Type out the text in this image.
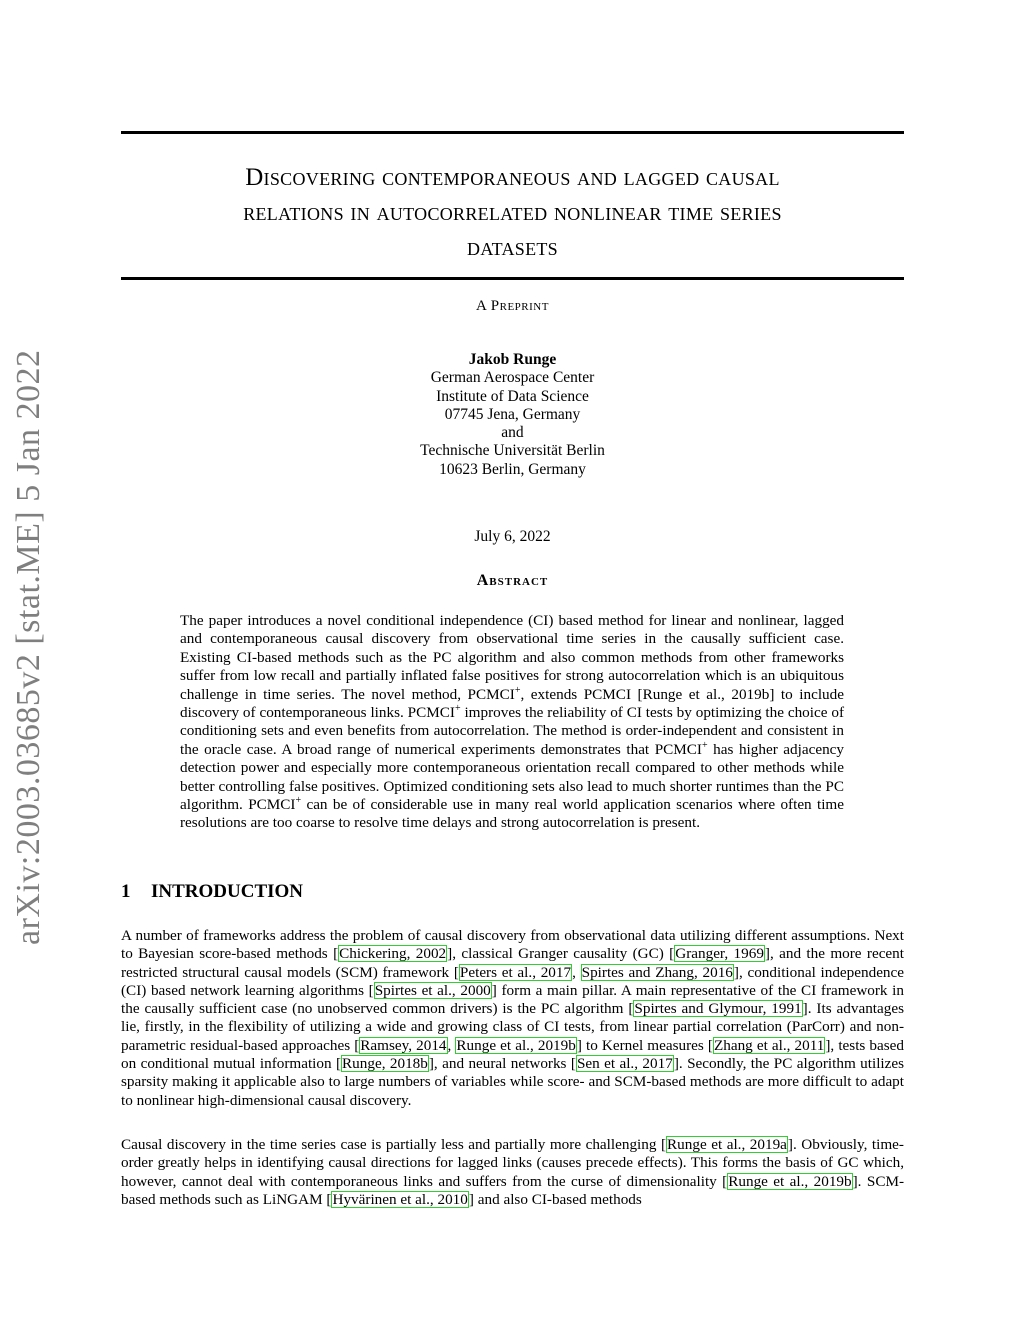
arXiv:2003.03685v2 [stat.ME] 5 Jan 2022
Discovering contemporaneous and lagged causal
relations in autocorrelated nonlinear time series
datasets
A Preprint
Jakob Runge
German Aerospace Center
Institute of Data Science
07745 Jena, Germany
and
Technische Universität Berlin
10623 Berlin, Germany
July 6, 2022
Abstract
The paper introduces a novel conditional independence (CI) based method for linear and nonlinear, lagged and contemporaneous causal discovery from observational time series in the causally sufficient case. Existing CI-based methods such as the PC algorithm and also common methods from other frameworks suffer from low recall and partially inflated false positives for strong autocorrelation which is an ubiquitous challenge in time series. The novel method, PCMCI+, extends PCMCI [Runge et al., 2019b] to include discovery of contemporaneous links. PCMCI+ improves the reliability of CI tests by optimizing the choice of conditioning sets and even benefits from autocorrelation. The method is order-independent and consistent in the oracle case. A broad range of numerical experiments demonstrates that PCMCI+ has higher adjacency detection power and especially more contemporaneous orientation recall compared to other methods while better controlling false positives. Optimized conditioning sets also lead to much shorter runtimes than the PC algorithm. PCMCI+ can be of considerable use in many real world application scenarios where often time resolutions are too coarse to resolve time delays and strong autocorrelation is present.
1 INTRODUCTION
A number of frameworks address the problem of causal discovery from observational data utilizing different assumptions. Next to Bayesian score-based methods [Chickering, 2002], classical Granger causality (GC) [Granger, 1969], and the more recent restricted structural causal models (SCM) framework [Peters et al., 2017, Spirtes and Zhang, 2016], conditional independence (CI) based network learning algorithms [Spirtes et al., 2000] form a main pillar. A main representative of the CI framework in the causally sufficient case (no unobserved common drivers) is the PC algorithm [Spirtes and Glymour, 1991]. Its advantages lie, firstly, in the flexibility of utilizing a wide and growing class of CI tests, from linear partial correlation (ParCorr) and non-parametric residual-based approaches [Ramsey, 2014, Runge et al., 2019b] to Kernel measures [Zhang et al., 2011], tests based on conditional mutual information [Runge, 2018b], and neural networks [Sen et al., 2017]. Secondly, the PC algorithm utilizes sparsity making it applicable also to large numbers of variables while score- and SCM-based methods are more difficult to adapt to nonlinear high-dimensional causal discovery.
Causal discovery in the time series case is partially less and partially more challenging [Runge et al., 2019a]. Obviously, time-order greatly helps in identifying causal directions for lagged links (causes precede effects). This forms the basis of GC which, however, cannot deal with contemporaneous links and suffers from the curse of dimensionality [Runge et al., 2019b]. SCM-based methods such as LiNGAM [Hyvärinen et al., 2010] and also CI-based methods
